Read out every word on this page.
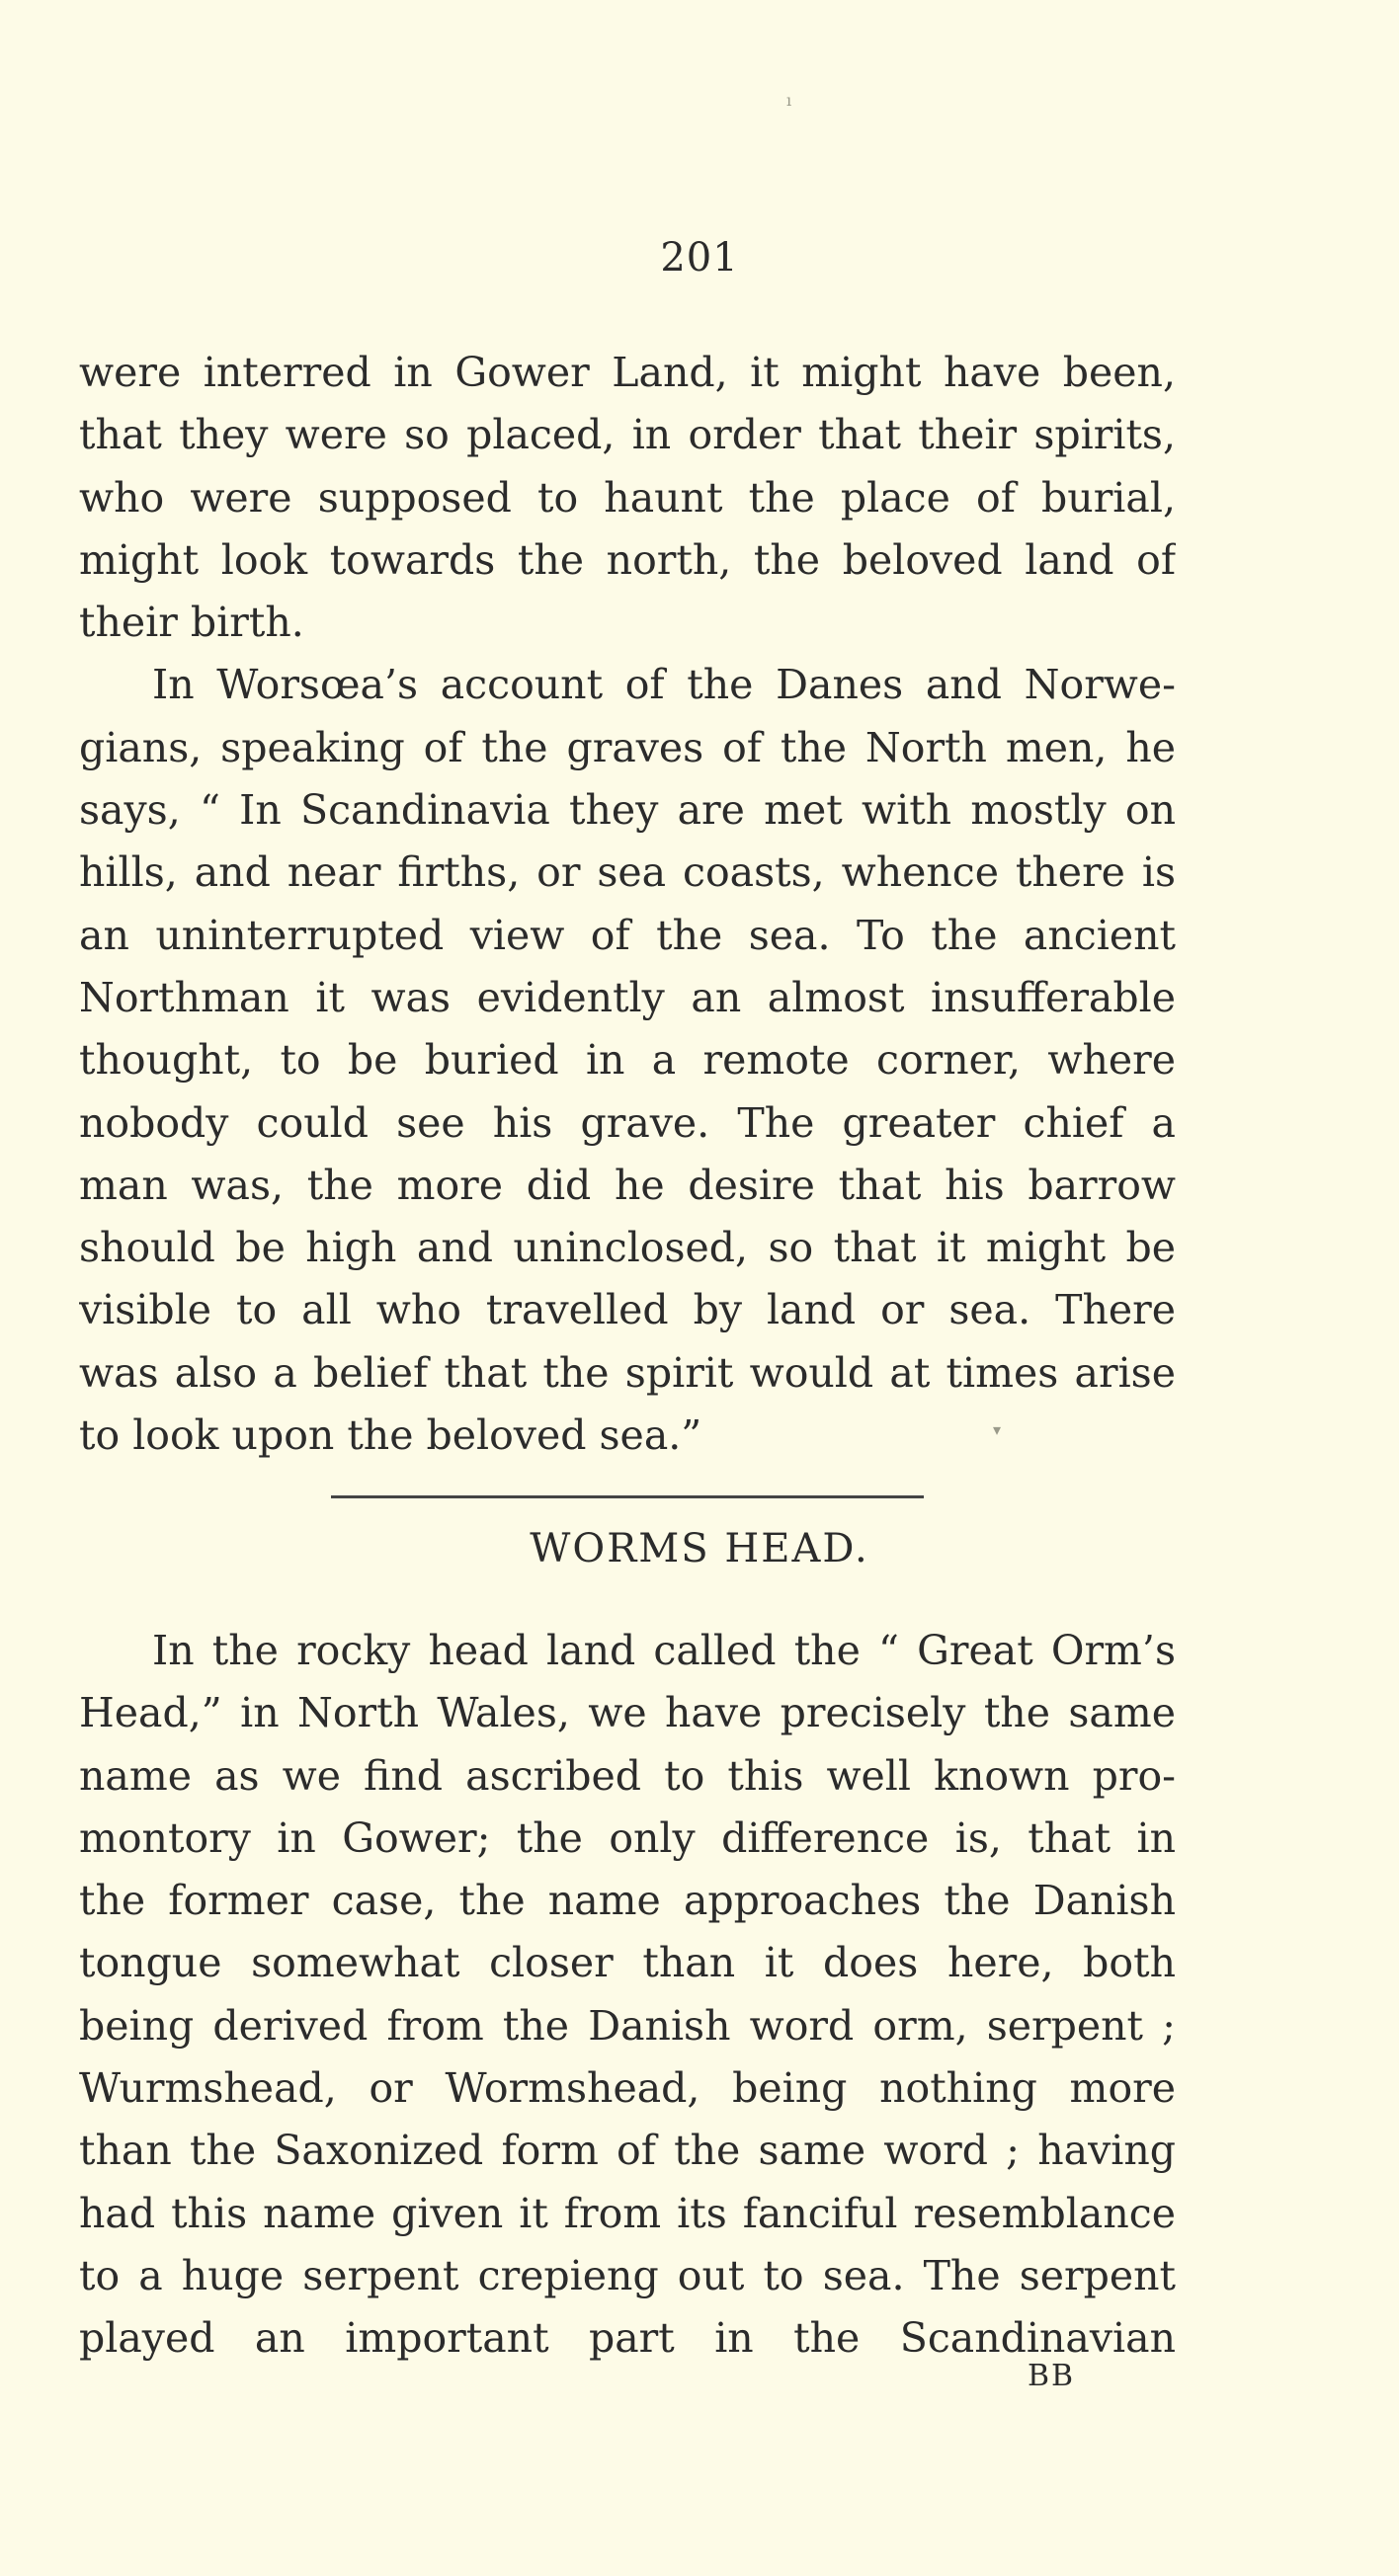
ı
201
were interred in Gower Land, it might have been,
that they were so placed, in order that their spirits,
who were supposed to haunt the place of burial,
might look towards the north, the beloved land of
their birth.
In Worsœa’s account of the Danes and Norwe-
gians, speaking of the graves of the North men, he
says, “ In Scandinavia they are met with mostly on
hills, and near firths, or sea coasts, whence there is
an uninterrupted view of the sea. To the ancient
Northman it was evidently an almost insufferable
thought, to be buried in a remote corner, where
nobody could see his grave. The greater chief a
man was, the more did he desire that his barrow
should be high and uninclosed, so that it might be
visible to all who travelled by land or sea. There
was also a belief that the spirit would at times arise
to look upon the beloved sea.”	▾
WORMS HEAD.
In the rocky head land called the “ Great Orm’s
Head,” in North Wales, we have precisely the same
name as we find ascribed to this well known pro-
montory in Gower; the only difference is, that in
the former case, the name approaches the Danish
tongue somewhat closer than it does here, both
being derived from the Danish word orm, serpent ;
Wurmshead, or Wormshead, being nothing more
than the Saxonized form of the same word ; having
had this name given it from its fanciful resemblance
to a huge serpent crepieng out to sea. The serpent
played an important part in the Scandinavian
BB
